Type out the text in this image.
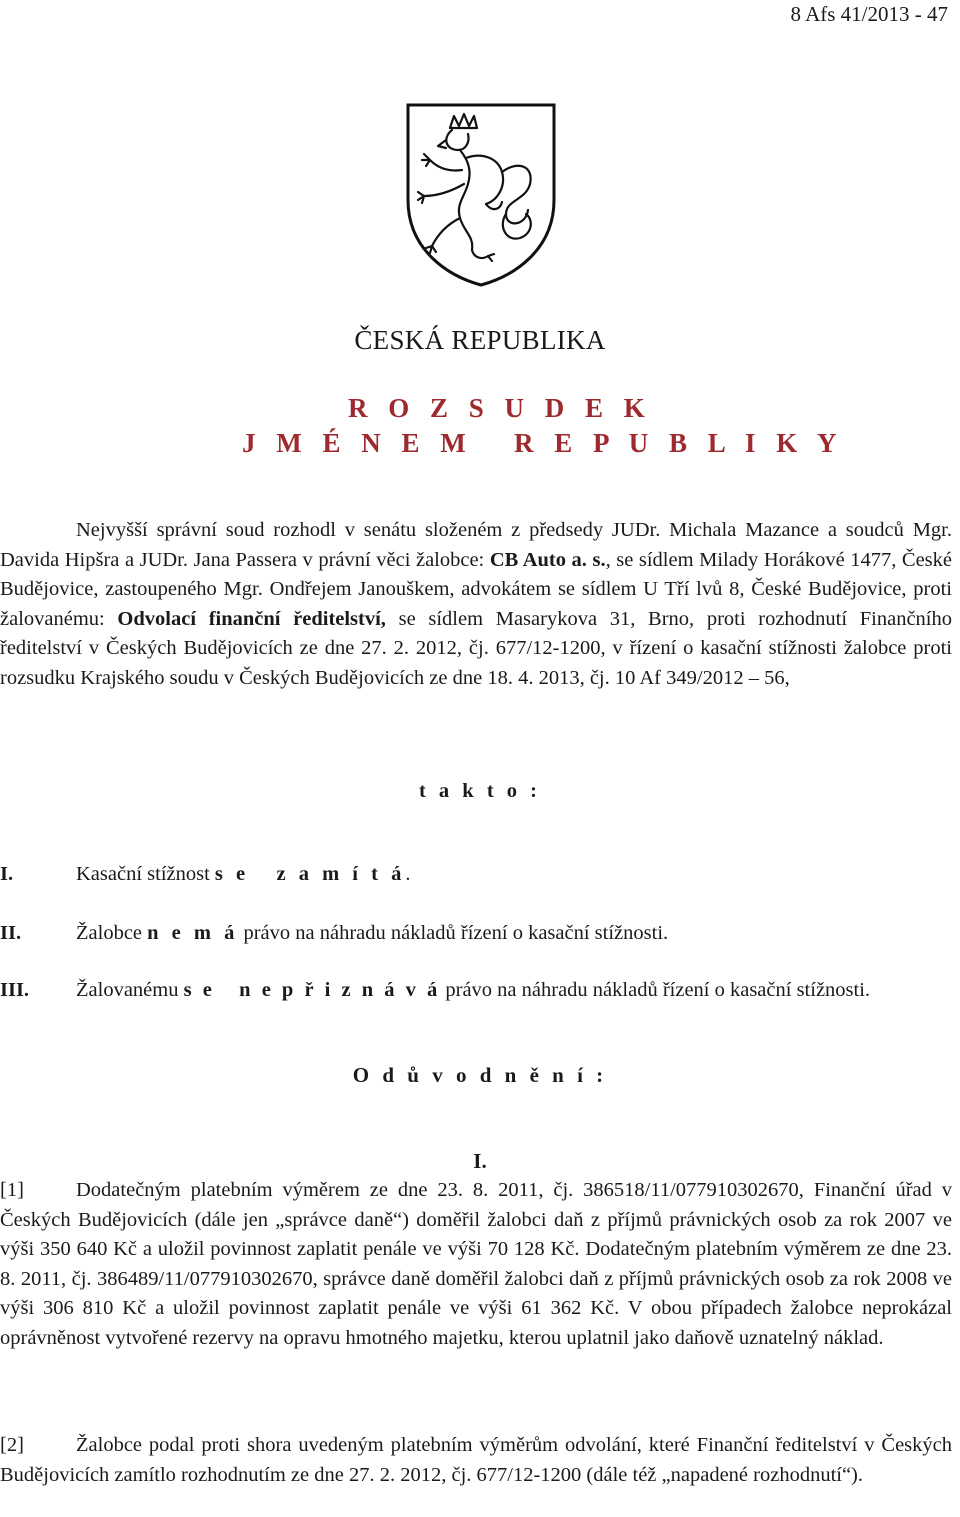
8 Afs 41/2013 - 47
ČESKÁ REPUBLIKA
R O Z S U D E K
J M É N E M   R E P U B L I K Y
Nejvyšší správní soud rozhodl v senátu složeném z předsedy JUDr. Michala Mazance a soudců Mgr. Davida Hipšra a JUDr. Jana Passera v právní věci žalobce: CB Auto a. s., se sídlem Milady Horákové 1477, České Budějovice, zastoupeného Mgr. Ondřejem Janouškem, advokátem se sídlem U Tří lvů 8, České Budějovice, proti žalovanému: Odvolací finanční ředitelství, se sídlem Masarykova 31, Brno, proti rozhodnutí Finančního ředitelství v Českých Budějovicích ze dne 27. 2. 2012, čj. 677/12-1200, v řízení o kasační stížnosti žalobce proti rozsudku Krajského soudu v Českých Budějovicích ze dne 18. 4. 2013, čj. 10 Af 349/2012 – 56,
t a k t o :
I.	Kasační stížnost s e   z a m í t á.
II.	Žalobce n e m á právo na náhradu nákladů řízení o kasační stížnosti.
III. Žalovanému s e   n e p ř i z n á v á právo na náhradu nákladů řízení o kasační stížnosti.
O d ů v o d n ě n í :
I.
[1]	Dodatečným platebním výměrem ze dne 23. 8. 2011, čj. 386518/11/077910302670, Finanční úřad v Českých Budějovicích (dále jen „správce daně“) doměřil žalobci daň z příjmů právnických osob za rok 2007 ve výši 350 640 Kč a uložil povinnost zaplatit penále ve výši 70 128 Kč. Dodatečným platebním výměrem ze dne 23. 8. 2011, čj. 386489/11/077910302670, správce daně doměřil žalobci daň z příjmů právnických osob za rok 2008 ve výši 306 810 Kč a uložil povinnost zaplatit penále ve výši 61 362 Kč. V obou případech žalobce neprokázal oprávněnost vytvořené rezervy na opravu hmotného majetku, kterou uplatnil jako daňově uznatelný náklad.
[2]	Žalobce podal proti shora uvedeným platebním výměrům odvolání, které Finanční ředitelství v Českých Budějovicích zamítlo rozhodnutím ze dne 27. 2. 2012, čj. 677/12-1200 (dále též „napadené rozhodnutí“).
